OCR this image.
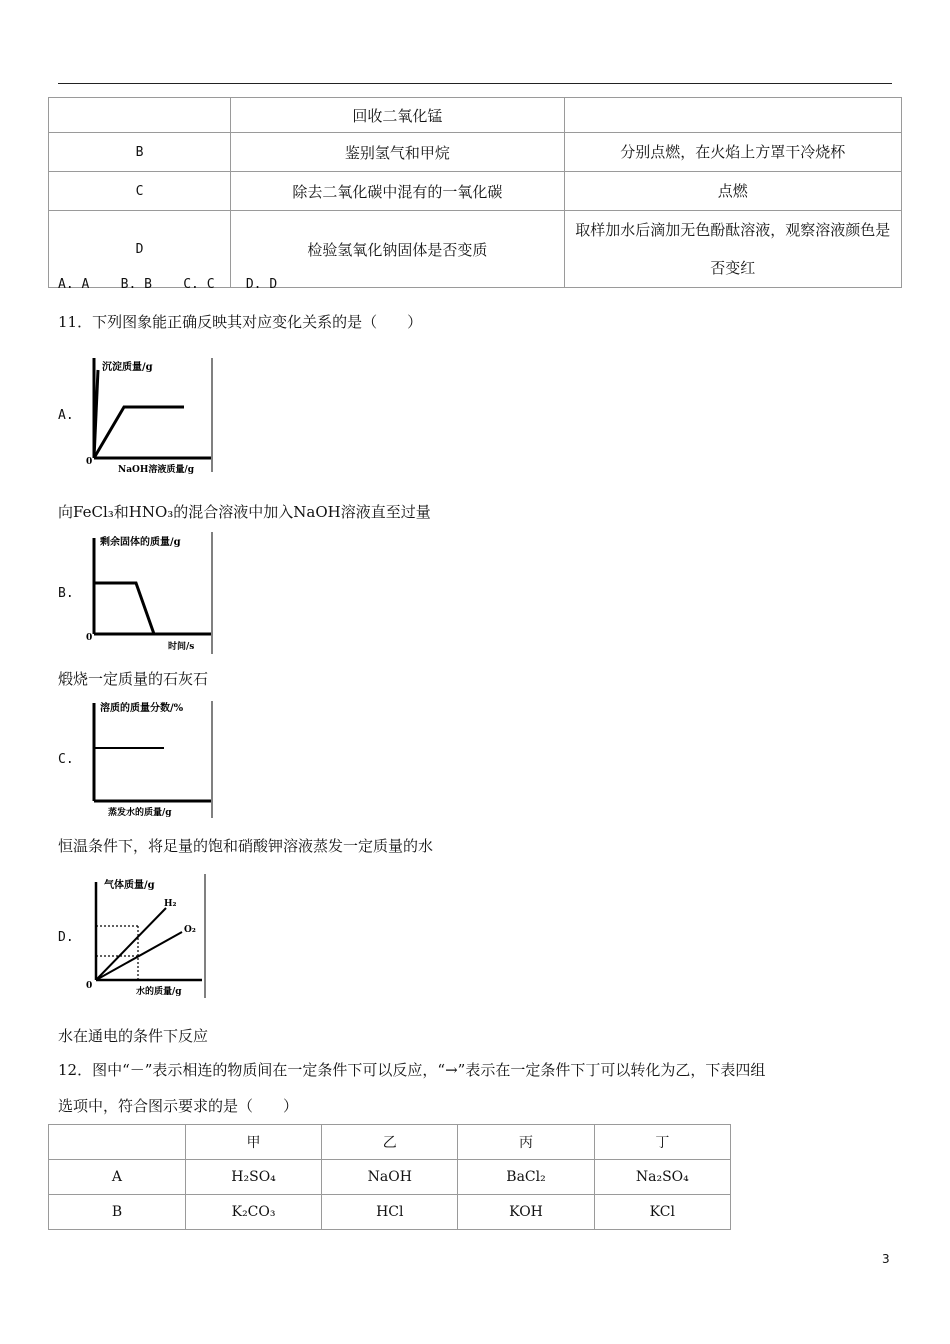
	回收二氧化锰	
B	鉴别氢气和甲烷	分别点燃，在火焰上方罩干冷烧杯
C	除去二氧化碳中混有的一氧化碳	点燃
D	检验氢氧化钠固体是否变质	取样加水后滴加无色酚酞溶液，观察溶液颜色是否变红
A. A    B. B    C. C    D. D
11．下列图象能正确反映其对应变化关系的是（　　）
A.
沉淀质量/g
0
NaOH溶液质量/g
向FeCl₃和HNO₃的混合溶液中加入NaOH溶液直至过量
B.
剩余固体的质量/g
0
时间/s
煅烧一定质量的石灰石
C.
溶质的质量分数/%
蒸发水的质量/g
恒温条件下，将足量的饱和硝酸钾溶液蒸发一定质量的水
D.
气体质量/g
H₂
O₂
0
水的质量/g
水在通电的条件下反应
12．图中“－”表示相连的物质间在一定条件下可以反应，“→”表示在一定条件下丁可以转化为乙，下表四组
选项中，符合图示要求的是（　　）
	甲	乙	丙	丁
A	H₂SO₄	NaOH	BaCl₂	Na₂SO₄
B	K₂CO₃	HCl	KOH	KCl
3
